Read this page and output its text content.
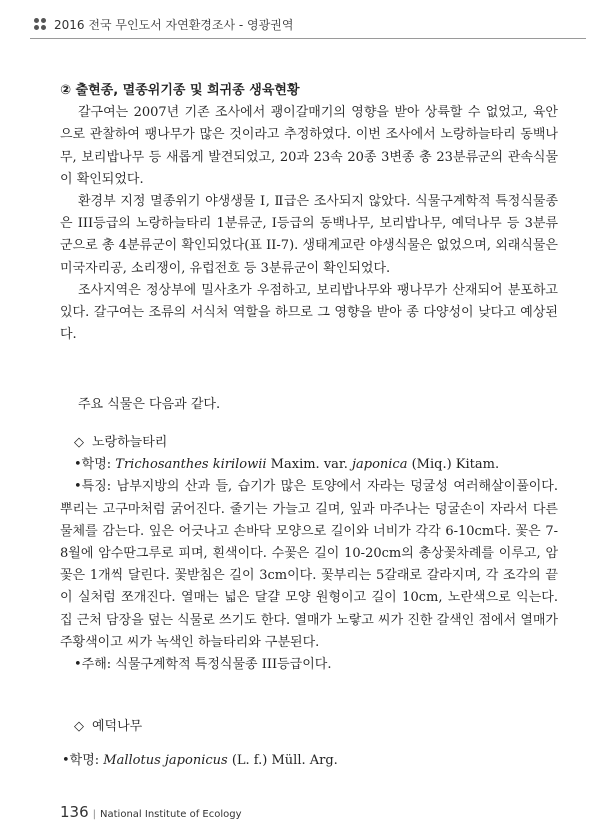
2016 전국 무인도서 자연환경조사 - 영광권역

② 출현종, 멸종위기종 및 희귀종 생육현황

갈구여는 2007년 기존 조사에서 괭이갈매기의 영향을 받아 상륙할 수 없었고, 육안으로 관찰하여 팽나무가 많은 것이라고 추정하였다. 이번 조사에서 노랑하늘타리 동백나무, 보리밥나무 등 새롭게 발견되었고, 20과 23속 20종 3변종 총 23분류군의 관속식물이 확인되었다.

환경부 지정 멸종위기 야생생물 Ⅰ, Ⅱ급은 조사되지 않았다. 식물구계학적 특정식물종은 III등급의 노랑하늘타리 1분류군, I등급의 동백나무, 보리밥나무, 예덕나무 등 3분류군으로 총 4분류군이 확인되었다(표 II-7). 생태계교란 야생식물은 없었으며, 외래식물은 미국자리공, 소리쟁이, 유럽전호 등 3분류군이 확인되었다.

조사지역은 정상부에 밀사초가 우점하고, 보리밥나무와 팽나무가 산재되어 분포하고 있다. 갈구여는 조류의 서식처 역할을 하므로 그 영향을 받아 종 다양성이 낮다고 예상된다.

주요 식물은 다음과 같다.

◇ 노랑하늘타리

•학명: Trichosanthes kirilowii Maxim. var. japonica (Miq.) Kitam.

•특징: 남부지방의 산과 들, 습기가 많은 토양에서 자라는 덩굴성 여러해살이풀이다. 뿌리는 고구마처럼 굵어진다. 줄기는 가늘고 길며, 잎과 마주나는 덩굴손이 자라서 다른 물체를 감는다. 잎은 어긋나고 손바닥 모양으로 길이와 너비가 각각 6-10cm다. 꽃은 7-8월에 암수딴그루로 피며, 흰색이다. 수꽃은 길이 10-20cm의 총상꽃차례를 이루고, 암꽃은 1개씩 달린다. 꽃받침은 길이 3cm이다. 꽃부리는 5갈래로 갈라지며, 각 조각의 끝이 실처럼 쪼개진다. 열매는 넓은 달걀 모양 원형이고 길이 10cm, 노란색으로 익는다. 집 근처 담장을 덮는 식물로 쓰기도 한다. 열매가 노랗고 씨가 진한 갈색인 점에서 열매가 주황색이고 씨가 녹색인 하늘타리와 구분된다.

•주해: 식물구계학적 특정식물종 III등급이다.

◇ 예덕나무

•학명: Mallotus japonicus (L. f.) Müll. Arg.

136 | National Institute of Ecology
